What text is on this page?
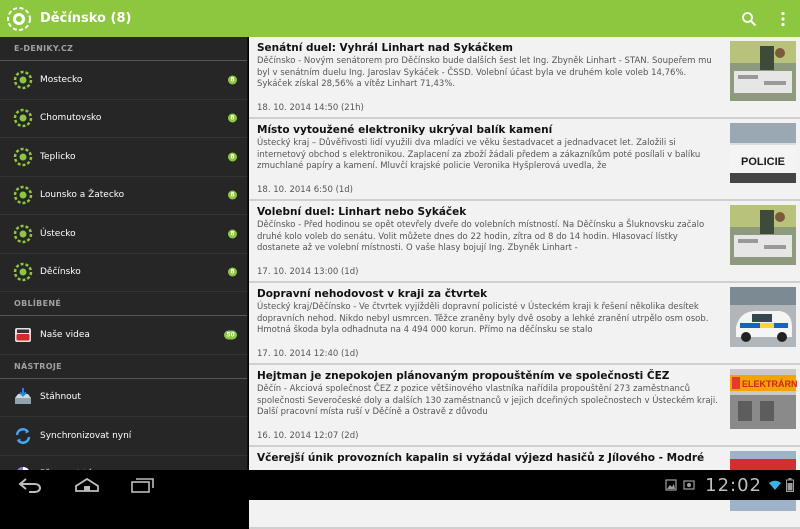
Děčínsko (8)
E-DENIKY.CZ
Mostecko	8
Chomutovsko	8
Teplicko	8
Lounsko a Žatecko	8
Ústecko	8
Děčínsko	8
OBLÍBENÉ
Naše videa	50
NÁSTROJE
Stáhnout
Synchronizovat nyní
Senátní duel: Vyhrál Linhart nad Sykáčkem
Děčínsko - Novým senátorem pro Děčínsko bude dalších šest let Ing. Zbyněk Linhart - STAN. Soupeřem mu byl v senátním duelu Ing. Jaroslav Sykáček - ČSSD. Volební účast byla ve druhém kole voleb 14,76%. Sykáček získal 28,56% a vítěz Linhart 71,43%.
18. 10. 2014 14:50 (21h)
Místo vytoužené elektroniky ukrýval balík kamení
Ústecký kraj – Důvěřivosti lidí využili dva mladíci ve věku šestadvacet a jednadvacet let. Založili si internetový obchod s elektronikou. Zaplacení za zboží žádali předem a zákazníkům poté posílali v balíku zmuchlané papíry a kamení. Mluvčí krajské policie Veronika Hyšplerová uvedla, že
18. 10. 2014 6:50 (1d)
POLICIE
Volební duel: Linhart nebo Sykáček
Děčínsko - Před hodinou se opět otevřely dveře do volebních místností. Na Děčínsku a Šluknovsku začalo druhé kolo voleb do senátu. Volit můžete dnes do 22 hodin, zítra od 8 do 14 hodin. Hlasovací lístky dostanete až ve volební místnosti. O vaše hlasy bojují Ing. Zbyněk Linhart -
17. 10. 2014 13:00 (1d)
Dopravní nehodovost v kraji za čtvrtek
Ústecký kraj/Děčínsko - Ve čtvrtek vyjížděli dopravní policisté v Ústeckém kraji k řešení několika desítek dopravních nehod. Nikdo nebyl usmrcen. Těžce zraněny byly dvě osoby a lehké zranění utrpělo osm osob. Hmotná škoda byla odhadnuta na 4 494 000 korun. Přímo na děčínsku se stalo
17. 10. 2014 12:40 (1d)
Hejtman je znepokojen plánovaným propouštěním ve společnosti ČEZ
Děčín - Akciová společnost ČEZ z pozice většinového vlastníka nařídila propouštění 273 zaměstnanců společnosti Severočeské doly a dalších 130 zaměstnanců v jejich dceřiných společnostech v Ústeckém kraji. Další pracovní místa ruší v Děčíně a Ostravě z důvodu
16. 10. 2014 12:07 (2d)
ELEKTRÁRN
Včerejší únik provozních kapalin si vyžádal výjezd hasičů z Jílového - Modré
12:02
